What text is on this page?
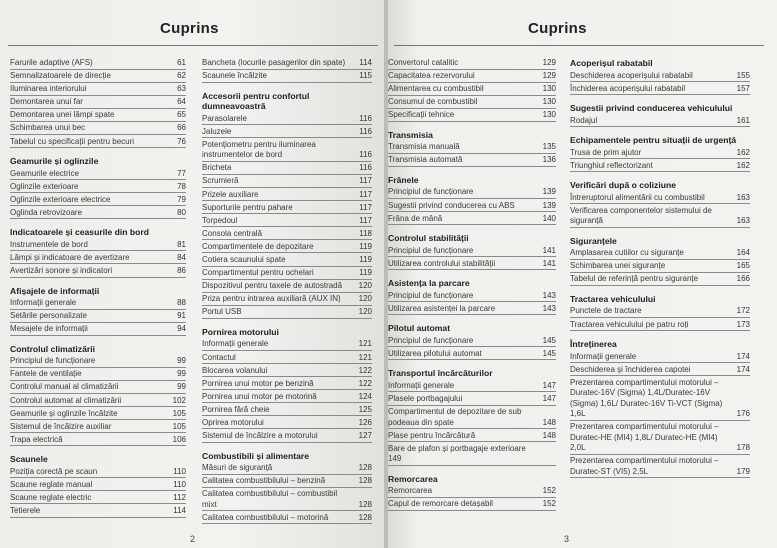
Cuprins
Farurile adaptive (AFS)	61
Semnalizatoarele de direcție	62
Iluminarea interiorului	63
Demontarea unui far	64
Demontarea unei lămpi spate	65
Schimbarea unui bec	66
Tabelul cu specificații pentru becuri	76
Geamurile și oglinzile
Geamurile electrice	77
Oglinzile exterioare	78
Oglinzile exterioare electrice	79
Oglinda retrovizoare	80
Indicatoarele și ceasurile din bord
Instrumentele de bord	81
Lămpi și indicatoare de avertizare	84
Avertizări sonore și indicatori	86
Afișajele de informații
Informații generale	88
Setările personalizate	91
Mesajele de informații	94
Controlul climatizării
Principiul de funcționare	99
Fantele de ventilație	99
Controlul manual al climatizării	99
Controlul automat al climatizării	102
Geamurile și oglinzile încălzite	105
Sistemul de încălzire auxiliar	105
Trapa electrică	106
Scaunele
Poziția corectă pe scaun	110
Scaune reglate manual	110
Scaune reglate electric	112
Tetierele	114
Bancheta (locurile pasagerilor din spate)	114
Scaunele încălzite	115
Accesorii pentru confortul dumneavoastră
Parasolarele	116
Jaluzele	116
Potențiometru pentru iluminarea instrumentelor de bord	116
Bricheta	116
Scrumieră	117
Prizele auxiliare	117
Suporturile pentru pahare	117
Torpedoul	117
Consola centrală	118
Compartimentele de depozitare	119
Cotiera scaunului spate	119
Compartimentul pentru ochelari	119
Dispozitivul pentru taxele de autostradă	120
Priza pentru intrarea auxiliară (AUX IN)	120
Portul USB	120
Pornirea motorului
Informații generale	121
Contactul	121
Blocarea volanului	122
Pornirea unui motor pe benzină	122
Pornirea unui motor pe motorină	124
Pornirea fără cheie	125
Oprirea motorului	126
Sistemul de încălzire a motorului	127
Combustibili și alimentare
Măsuri de siguranță	128
Calitatea combustibilului – benzină	128
Calitatea combustibilului – combustibil mixt	128
Calitatea combustibilului – motorină	128
2
Cuprins
Convertorul catalitic	129
Capacitatea rezervorului	129
Alimentarea cu combustibil	130
Consumul de combustibil	130
Specificații tehnice	130
Transmisia
Transmisia manuală	135
Transmisia automată	136
Frânele
Principiul de funcționare	139
Sugestii privind conducerea cu ABS	139
Frâna de mână	140
Controlul stabilității
Principiul de funcționare	141
Utilizarea controlului stabilității	141
Asistența la parcare
Principiul de funcționare	143
Utilizarea asistenței la parcare	143
Pilotul automat
Principiul de funcționare	145
Utilizarea pilotului automat	145
Transportul încărcăturilor
Informații generale	147
Plasele portbagajului	147
Compartimentul de depozitare de sub podeaua din spate	148
Plase pentru încărcătură	148
Bare de plafon și portbagaje exterioare 149
Remorcarea
Remorcarea	152
Capul de remorcare detașabil	152
Acoperișul rabatabil
Deschiderea acoperișului rabatabil	155
Închiderea acoperișului rabatabil	157
Sugestii privind conducerea vehiculului
Rodajul	161
Echipamentele pentru situații de urgență
Trusa de prim ajutor	162
Triunghiul reflectorizant	162
Verificări după o coliziune
Întreruptorul alimentării cu combustibil	163
Verificarea componentelor sistemului de siguranță	163
Siguranțele
Amplasarea cutiilor cu siguranțe	164
Schimbarea unei siguranțe	165
Tabelul de referință pentru siguranțe	166
Tractarea vehiculului
Punctele de tractare	172
Tractarea vehiculului pe patru roți	173
Întreținerea
Informații generale	174
Deschiderea și închiderea capotei	174
Prezentarea compartimentului motorului – Duratec-16V (Sigma) 1,4L/Duratec-16V (Sigma) 1,6L/ Duratec-16V Ti-VCT (Sigma) 1,6L	176
Prezentarea compartimentului motorului – Duratec-HE (MI4) 1,8L/ Duratec-HE (MI4) 2,0L	178
Prezentarea compartimentului motorului – Duratec-ST (VI5) 2,5L	179
3
